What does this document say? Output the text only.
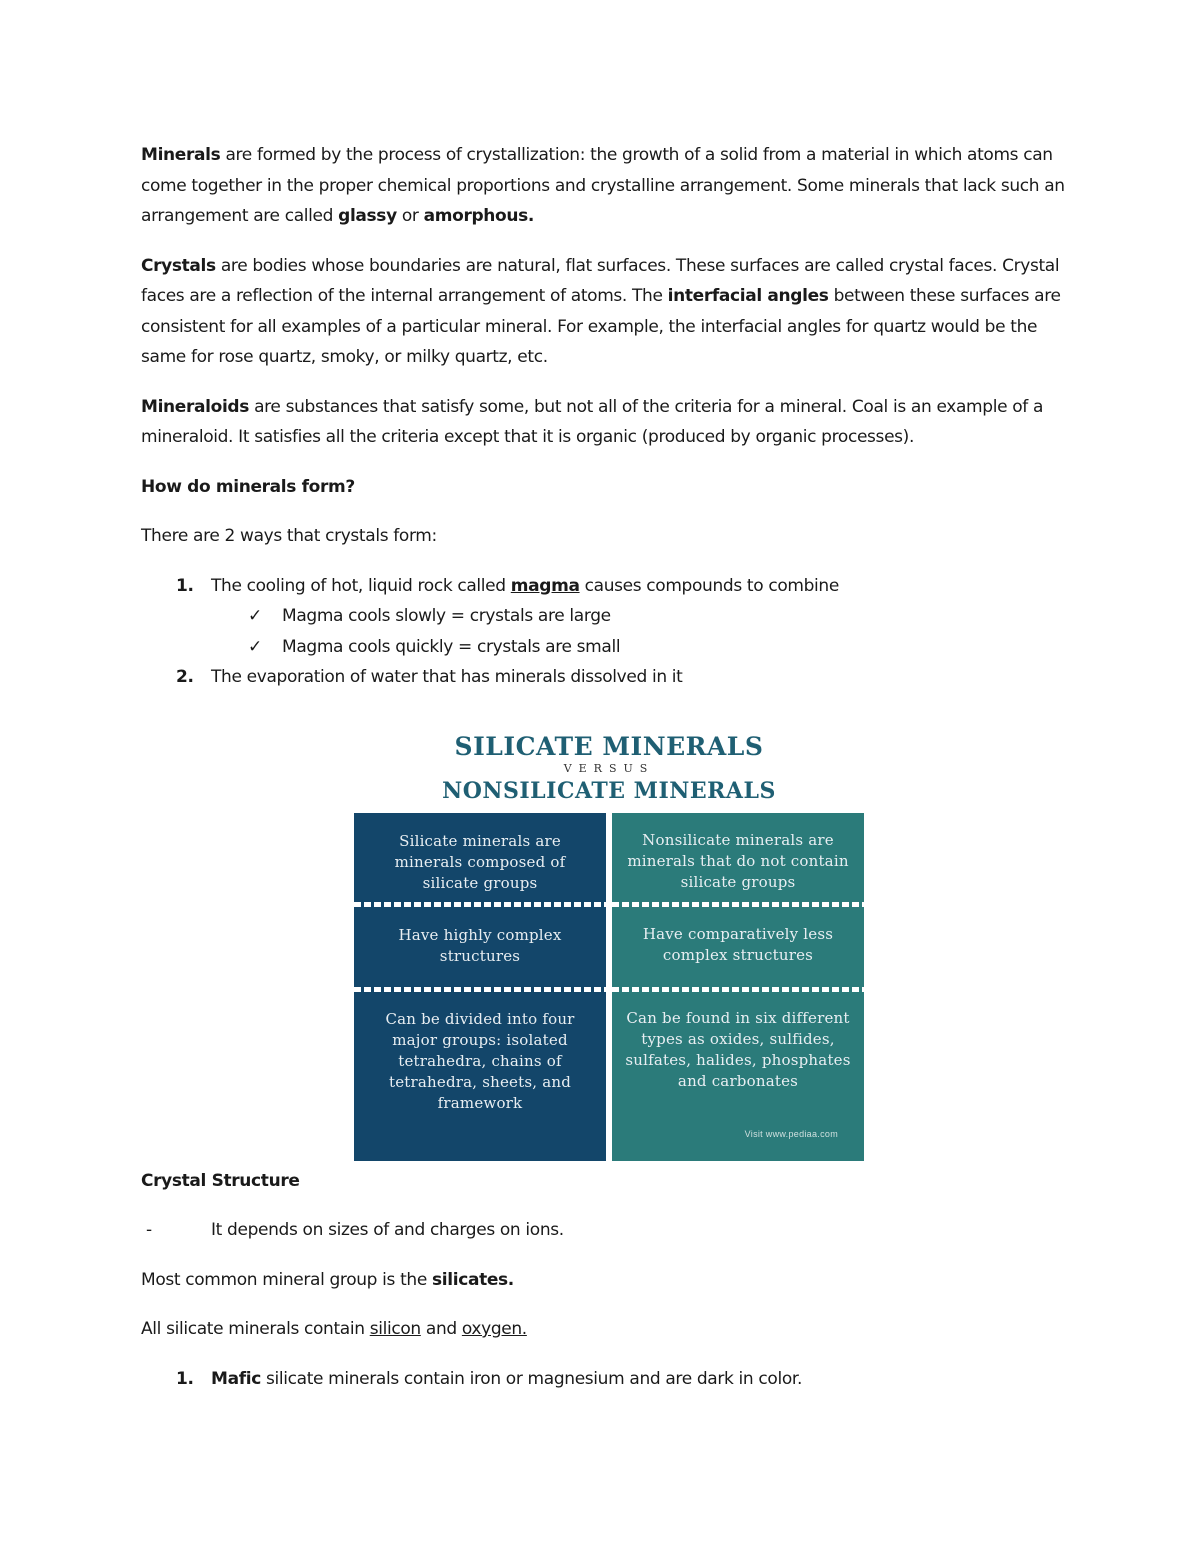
Minerals are formed by the process of crystallization: the growth of a solid from a material in which atoms can come together in the proper chemical proportions and crystalline arrangement. Some minerals that lack such an arrangement are called glassy or amorphous.

Crystals are bodies whose boundaries are natural, flat surfaces. These surfaces are called crystal faces. Crystal faces are a reflection of the internal arrangement of atoms. The interfacial angles between these surfaces are consistent for all examples of a particular mineral. For example, the interfacial angles for quartz would be the same for rose quartz, smoky, or milky quartz, etc.

Mineraloids are substances that satisfy some, but not all of the criteria for a mineral. Coal is an example of a mineraloid. It satisfies all the criteria except that it is organic (produced by organic processes).

How do minerals form?

There are 2 ways that crystals form:

1. The cooling of hot, liquid rock called magma causes compounds to combine
✓ Magma cools slowly = crystals are large
✓ Magma cools quickly = crystals are small
2. The evaporation of water that has minerals dissolved in it
SILICATE MINERALS
VERSUS
NONSILICATE MINERALS
Silicate minerals are minerals composed of silicate groups
Have highly complex structures
Can be divided into four major groups: isolated tetrahedra, chains of tetrahedra, sheets, and framework
Nonsilicate minerals are minerals that do not contain silicate groups
Have comparatively less complex structures
Can be found in six different types as oxides, sulfides, sulfates, halides, phosphates and carbonates
Visit www.pediaa.com

Crystal Structure

-	It depends on sizes of and charges on ions.

Most common mineral group is the silicates.

All silicate minerals contain silicon and oxygen.

1. Mafic silicate minerals contain iron or magnesium and are dark in color.
